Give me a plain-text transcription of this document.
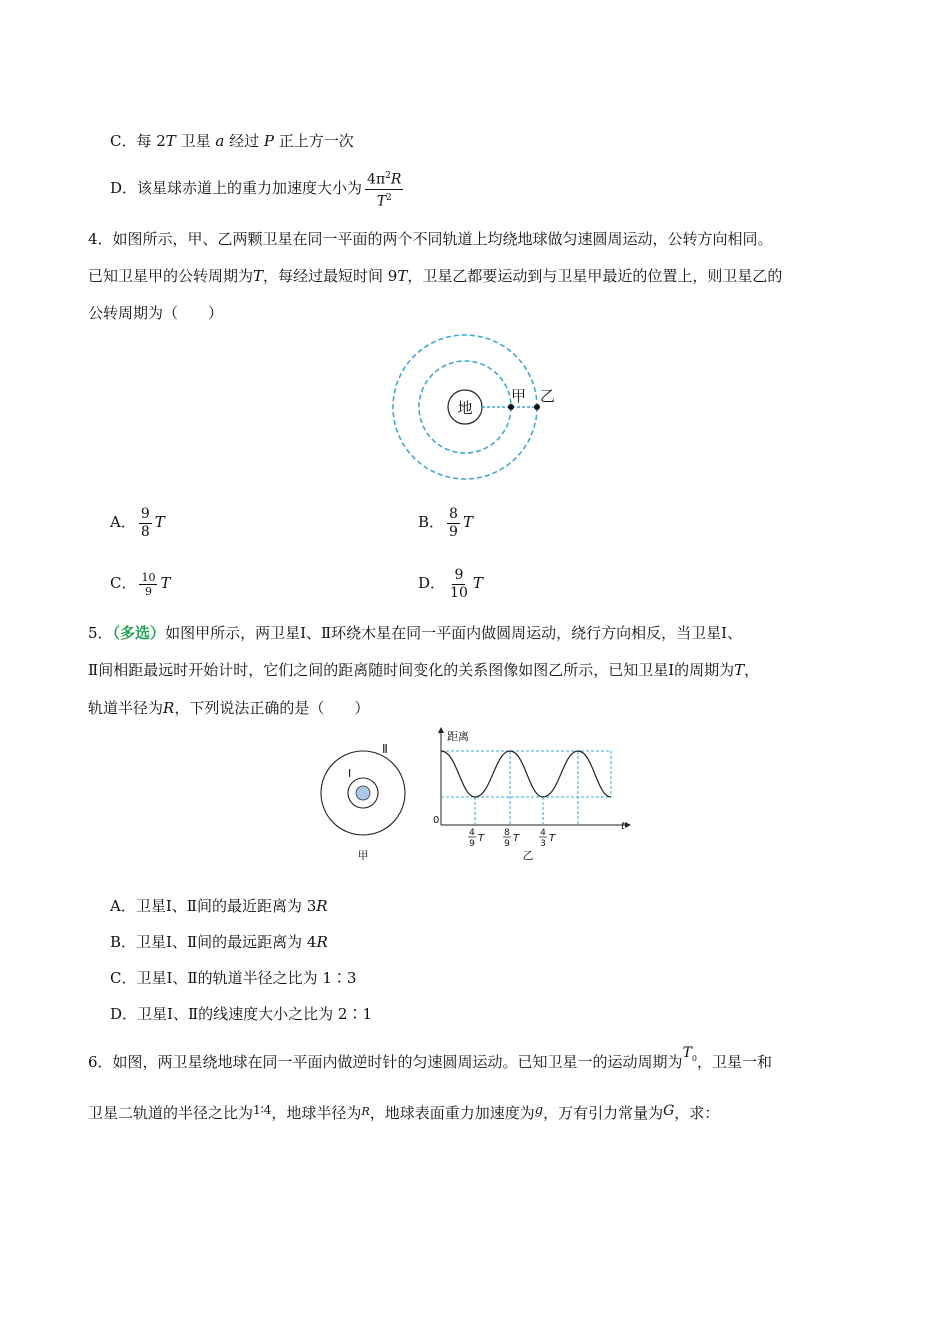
C．每 2T 卫星 a 经过 P 正上方一次
D．该星球赤道上的重力加速度大小为 $\frac{4\pi^2R}{T^2}$
4．如图所示，甲、乙两颗卫星在同一平面的两个不同轨道上均绕地球做匀速圆周运动，公转方向相同。
已知卫星甲的公转周期为T，每经过最短时间 9T，卫星乙都要运动到与卫星甲最近的位置上，则卫星乙的
公转周期为（　　）
地
甲 乙
A． $\frac{9}{8}$ T	B． $\frac{8}{9}$ T
C． $\frac{10}{9}$ T	D． $\frac{9}{10}$ T
5．（多选）如图甲所示，两卫星Ⅰ、Ⅱ环绕木星在同一平面内做圆周运动，绕行方向相反，当卫星Ⅰ、
Ⅱ间相距最远时开始计时，它们之间的距离随时间变化的关系图像如图乙所示，已知卫星Ⅰ的周期为T，
轨道半径为R，下列说法正确的是（　　）
Ⅰ
Ⅱ
甲
距离
t
0
4
9 T 8
9 T 4
3 T
乙
A．卫星Ⅰ、Ⅱ间的最近距离为 3R
B．卫星Ⅰ、Ⅱ间的最远距离为 4R
C．卫星Ⅰ、Ⅱ的轨道半径之比为 1∶3
D．卫星Ⅰ、Ⅱ的线速度大小之比为 2∶1
6．如图，两卫星绕地球在同一平面内做逆时针的匀速圆周运动。已知卫星一的运动周期为$T_0$，卫星一和
卫星二轨道的半径之比为$^{1∶4}$，地球半径为$^R$，地球表面重力加速度为g，万有引力常量为G，求：
